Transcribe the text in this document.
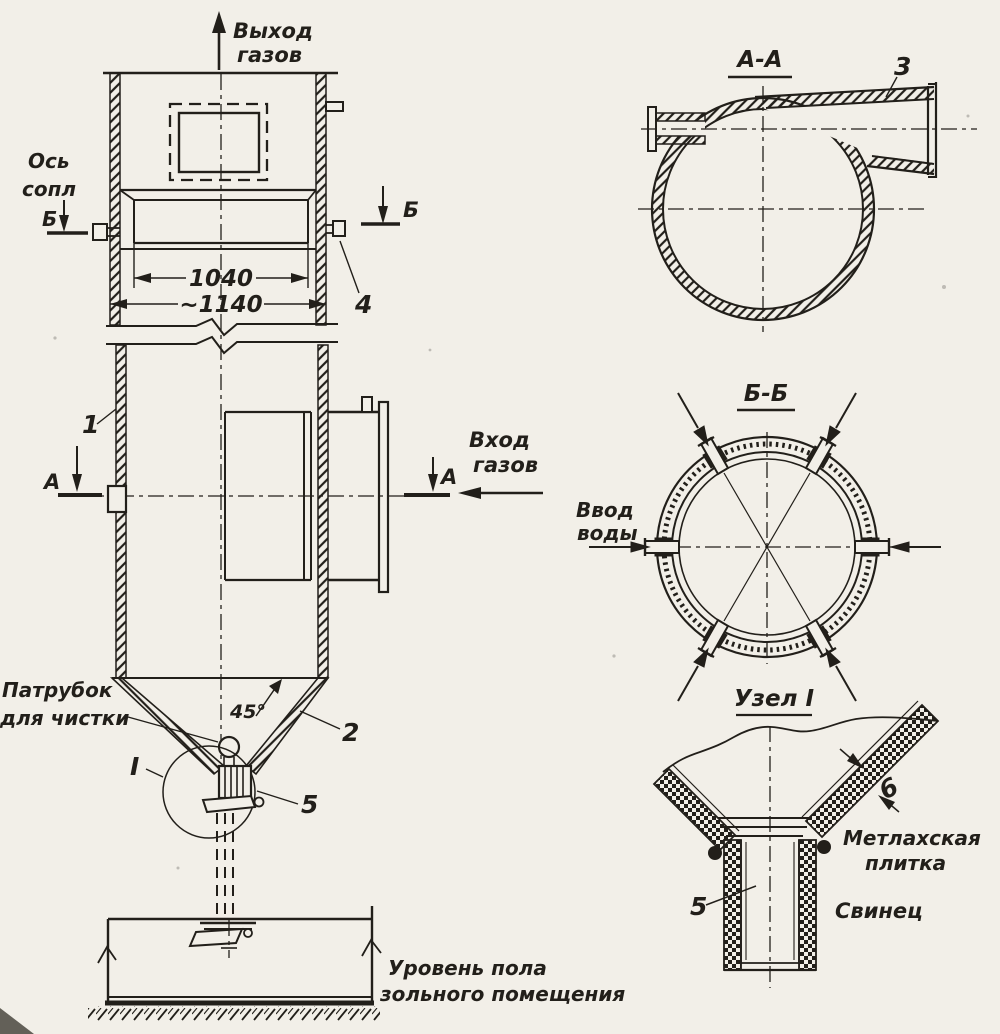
Выход
газов
Ось
сопл
Б	Б
1040
~1140	4
А	А
Вход
газов
1
45°
2
Патрубок
для чистки
I
5
Уровень пола
зольного помещения
А-А	3
Б-Б
Ввод
воды
Узел I
6
Метлахская
плитка
Свинец
5
